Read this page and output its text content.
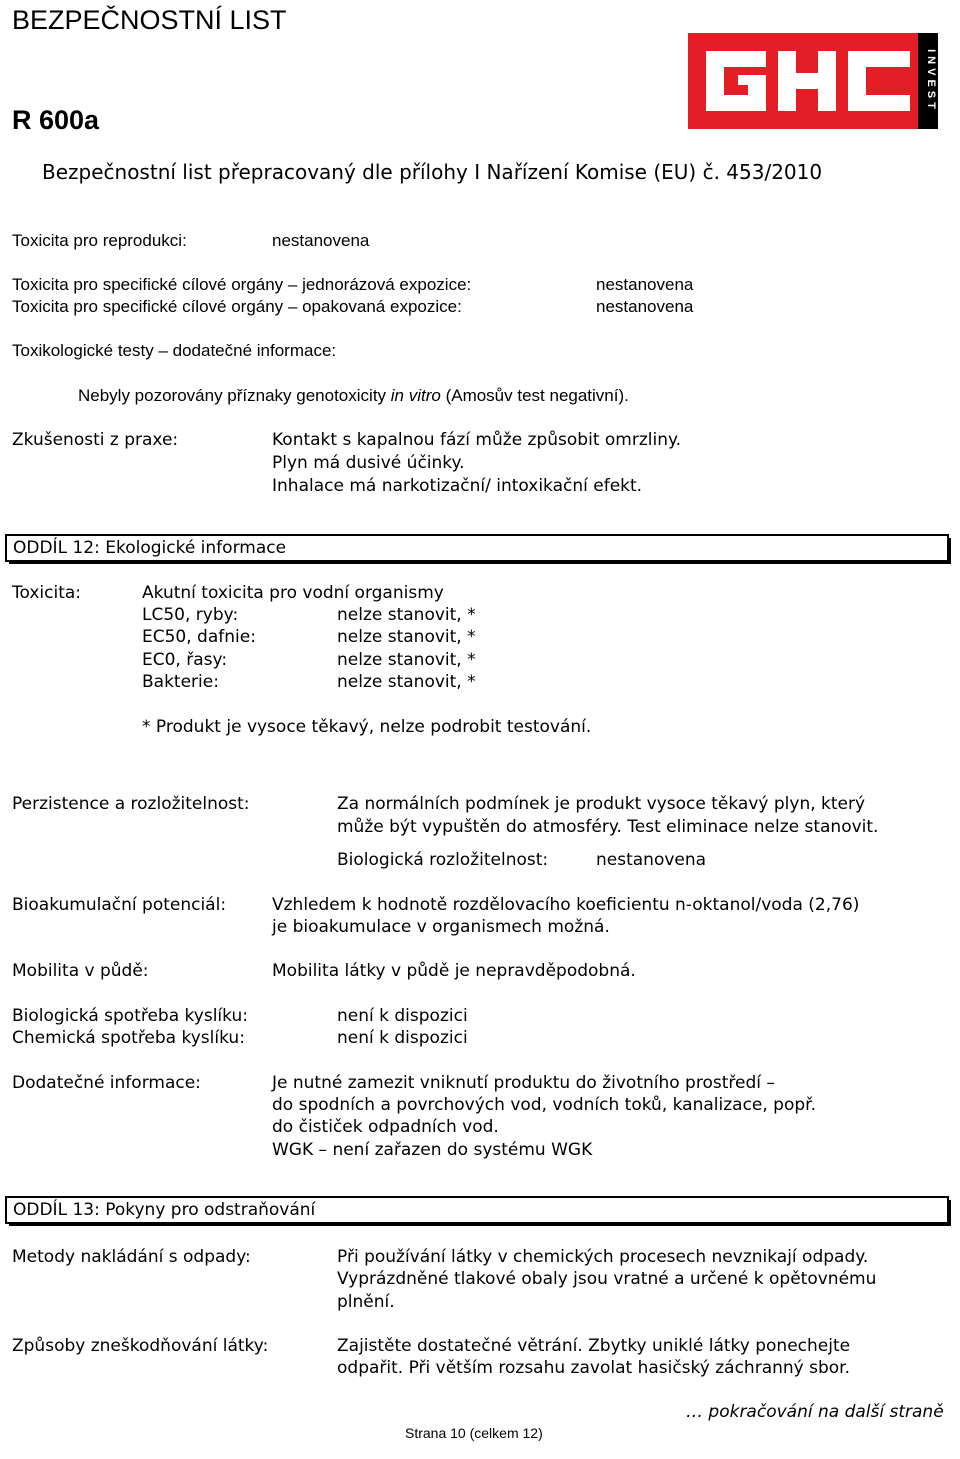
BEZPEČNOSTNÍ LIST
R 600a
Bezpečnostní list přepracovaný dle přílohy I Nařízení Komise (EU) č. 453/2010
INVEST
Toxicita pro reprodukci:	nestanovena
Toxicita pro specifické cílové orgány – jednorázová expozice:	nestanovena
Toxicita pro specifické cílové orgány – opakovaná expozice:	nestanovena
Toxikologické testy – dodatečné informace:
Nebyly pozorovány příznaky genotoxicity in vitro (Amosův test negativní).
Zkušenosti z praxe:	Kontakt s kapalnou fází může způsobit omrzliny.
Plyn má dusivé účinky.
Inhalace má narkotizační/ intoxikační efekt.
ODDÍL 12: Ekologické informace
Toxicita:	Akutní toxicita pro vodní organismy
LC50, ryby:	nelze stanovit, *
EC50, dafnie:	nelze stanovit, *
EC0, řasy:	nelze stanovit, *
Bakterie:	nelze stanovit, *
* Produkt je vysoce těkavý, nelze podrobit testování.
Perzistence a rozložitelnost:	Za normálních podmínek je produkt vysoce těkavý plyn, který
může být vypuštěn do atmosféry. Test eliminace nelze stanovit.
Biologická rozložitelnost:	nestanovena
Bioakumulační potenciál:	Vzhledem k hodnotě rozdělovacího koeficientu n-oktanol/voda (2,76)
je bioakumulace v organismech možná.
Mobilita v půdě:	Mobilita látky v půdě je nepravděpodobná.
Biologická spotřeba kyslíku:	není k dispozici
Chemická spotřeba kyslíku:	není k dispozici
Dodatečné informace:	Je nutné zamezit vniknutí produktu do životního prostředí –
do spodních a povrchových vod, vodních toků, kanalizace, popř.
do čističek odpadních vod.
WGK – není zařazen do systému WGK
ODDÍL 13: Pokyny pro odstraňování
Metody nakládání s odpady:	Při používání látky v chemických procesech nevznikají odpady.
Vyprázdněné tlakové obaly jsou vratné a určené k opětovnému
plnění.
Způsoby zneškodňování látky:	Zajistěte dostatečné větrání. Zbytky uniklé látky ponechejte
odpařit. Při větším rozsahu zavolat hasičský záchranný sbor.
… pokračování na další straně
Strana 10 (celkem 12)
